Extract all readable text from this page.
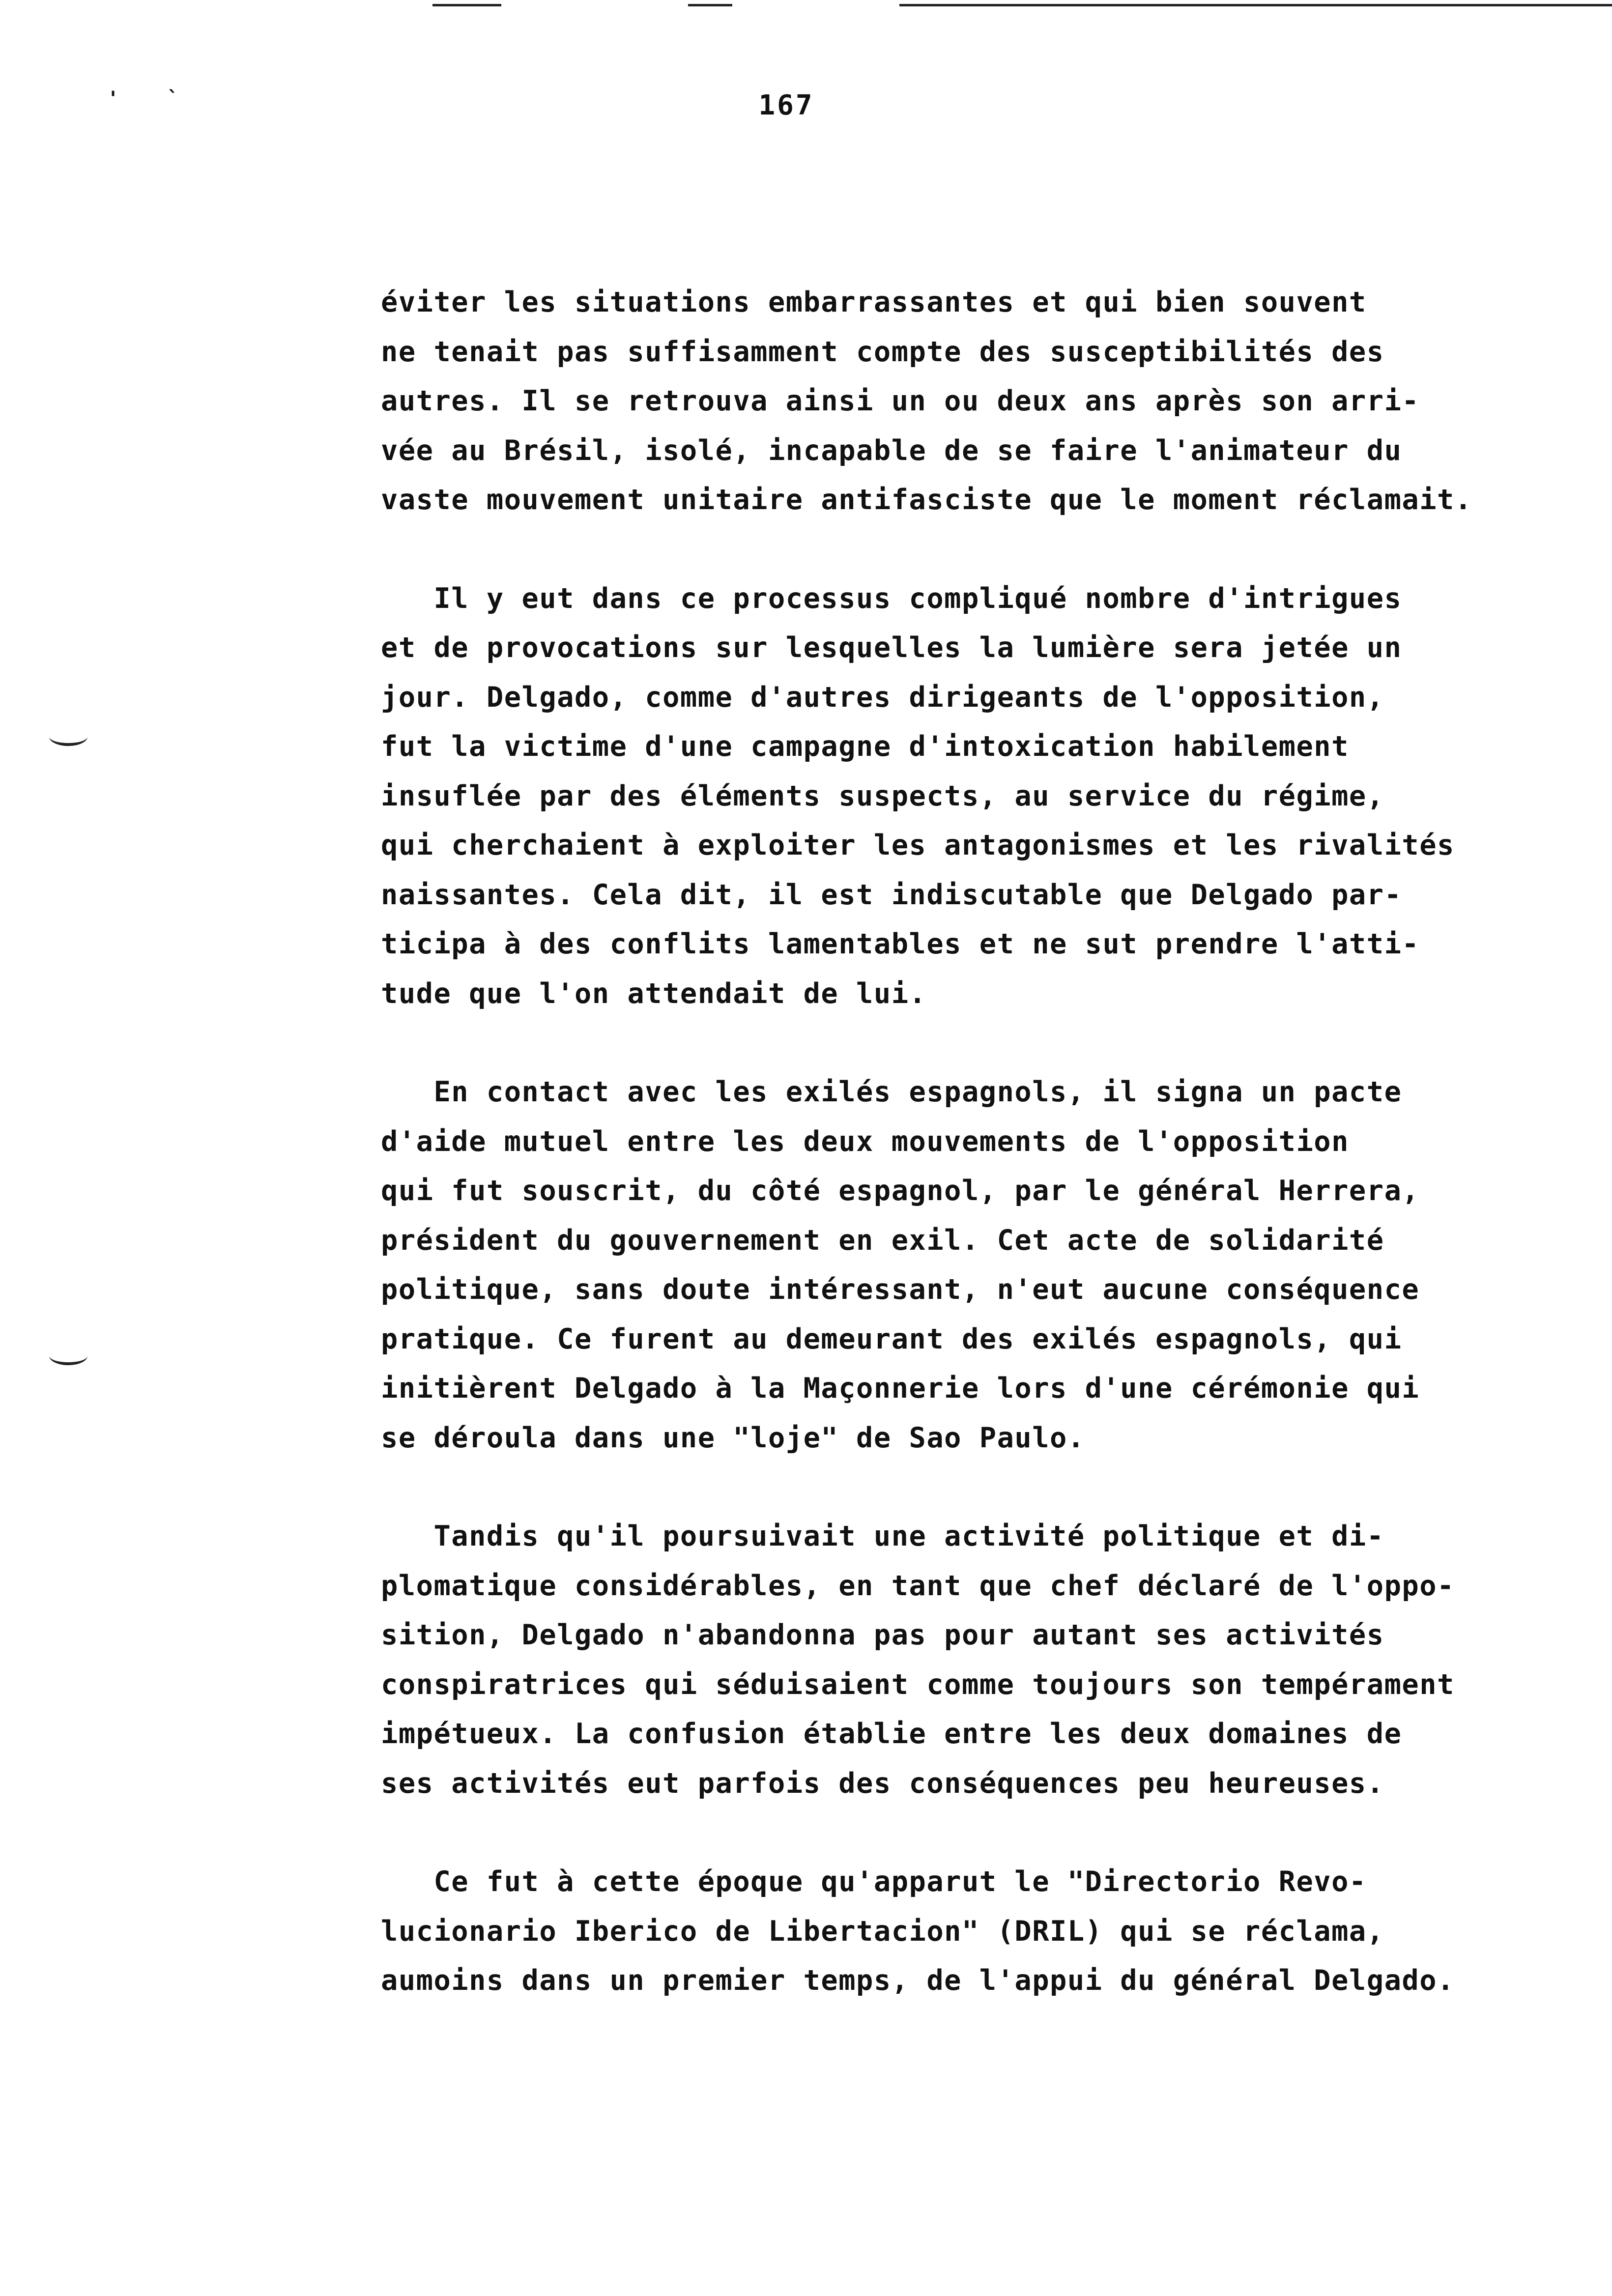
' `	167
éviter les situations embarrassantes et qui bien souvent
ne tenait pas suffisamment compte des susceptibilités des
autres. Il se retrouva ainsi un ou deux ans après son arri-
vée au Brésil, isolé, incapable de se faire l'animateur du
vaste mouvement unitaire antifasciste que le moment réclamait.
Il y eut dans ce processus compliqué nombre d'intrigues
et de provocations sur lesquelles la lumière sera jetée un
jour. Delgado, comme d'autres dirigeants de l'opposition,
fut la victime d'une campagne d'intoxication habilement
insuflée par des éléments suspects, au service du régime,
qui cherchaient à exploiter les antagonismes et les rivalités
naissantes. Cela dit, il est indiscutable que Delgado par-
ticipa à des conflits lamentables et ne sut prendre l'atti-
tude que l'on attendait de lui.
En contact avec les exilés espagnols, il signa un pacte
d'aide mutuel entre les deux mouvements de l'opposition
qui fut souscrit, du côté espagnol, par le général Herrera,
président du gouvernement en exil. Cet acte de solidarité
politique, sans doute intéressant, n'eut aucune conséquence
pratique. Ce furent au demeurant des exilés espagnols, qui
initièrent Delgado à la Maçonnerie lors d'une cérémonie qui
se déroula dans une "loje" de Sao Paulo.
Tandis qu'il poursuivait une activité politique et di-
plomatique considérables, en tant que chef déclaré de l'oppo-
sition, Delgado n'abandonna pas pour autant ses activités
conspiratrices qui séduisaient comme toujours son tempérament
impétueux. La confusion établie entre les deux domaines de
ses activités eut parfois des conséquences peu heureuses.
Ce fut à cette époque qu'apparut le "Directorio Revo-
lucionario Iberico de Libertacion" (DRIL) qui se réclama,
aumoins dans un premier temps, de l'appui du général Delgado.
